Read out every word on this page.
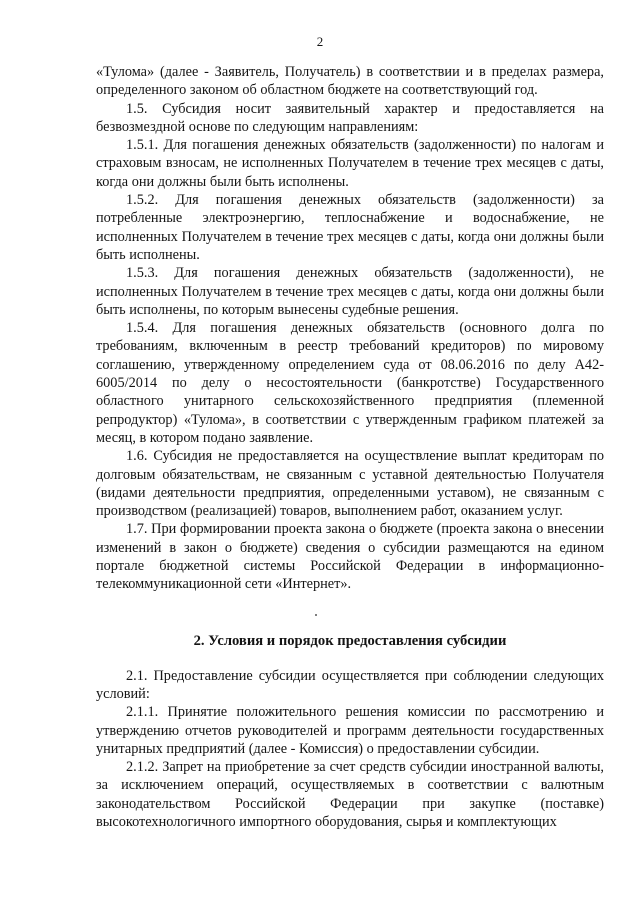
2

«Тулома» (далее - Заявитель, Получатель) в соответствии и в пределах размера, определенного законом об областном бюджете на соответствующий год.

1.5. Субсидия носит заявительный характер и предоставляется на безвозмездной основе по следующим направлениям:

1.5.1. Для погашения денежных обязательств (задолженности) по налогам и страховым взносам, не исполненных Получателем в течение трех месяцев с даты, когда они должны были быть исполнены.

1.5.2. Для погашения денежных обязательств (задолженности) за потребленные электроэнергию, теплоснабжение и водоснабжение, не исполненных Получателем в течение трех месяцев с даты, когда они должны были быть исполнены.

1.5.3. Для погашения денежных обязательств (задолженности), не исполненных Получателем в течение трех месяцев с даты, когда они должны были быть исполнены, по которым вынесены судебные решения.

1.5.4. Для погашения денежных обязательств (основного долга по требованиям, включенным в реестр требований кредиторов) по мировому соглашению, утвержденному определением суда от 08.06.2016 по делу А42-6005/2014 по делу о несостоятельности (банкротстве) Государственного областного унитарного сельскохозяйственного предприятия (племенной репродуктор) «Тулома», в соответствии с утвержденным графиком платежей за месяц, в котором подано заявление.

1.6. Субсидия не предоставляется на осуществление выплат кредиторам по долговым обязательствам, не связанным с уставной деятельностью Получателя (видами деятельности предприятия, определенными уставом), не связанным с производством (реализацией) товаров, выполнением работ, оказанием услуг.

1.7. При формировании проекта закона о бюджете (проекта закона о внесении изменений в закон о бюджете) сведения о субсидии размещаются на едином портале бюджетной системы Российской Федерации в информационно-телекоммуникационной сети «Интернет».

2. Условия и порядок предоставления субсидии

2.1. Предоставление субсидии осуществляется при соблюдении следующих условий:

2.1.1. Принятие положительного решения комиссии по рассмотрению и утверждению отчетов руководителей и программ деятельности государственных унитарных предприятий (далее - Комиссия) о предоставлении субсидии.

2.1.2. Запрет на приобретение за счет средств субсидии иностранной валюты, за исключением операций, осуществляемых в соответствии с валютным законодательством Российской Федерации при закупке (поставке) высокотехнологичного импортного оборудования, сырья и комплектующих
